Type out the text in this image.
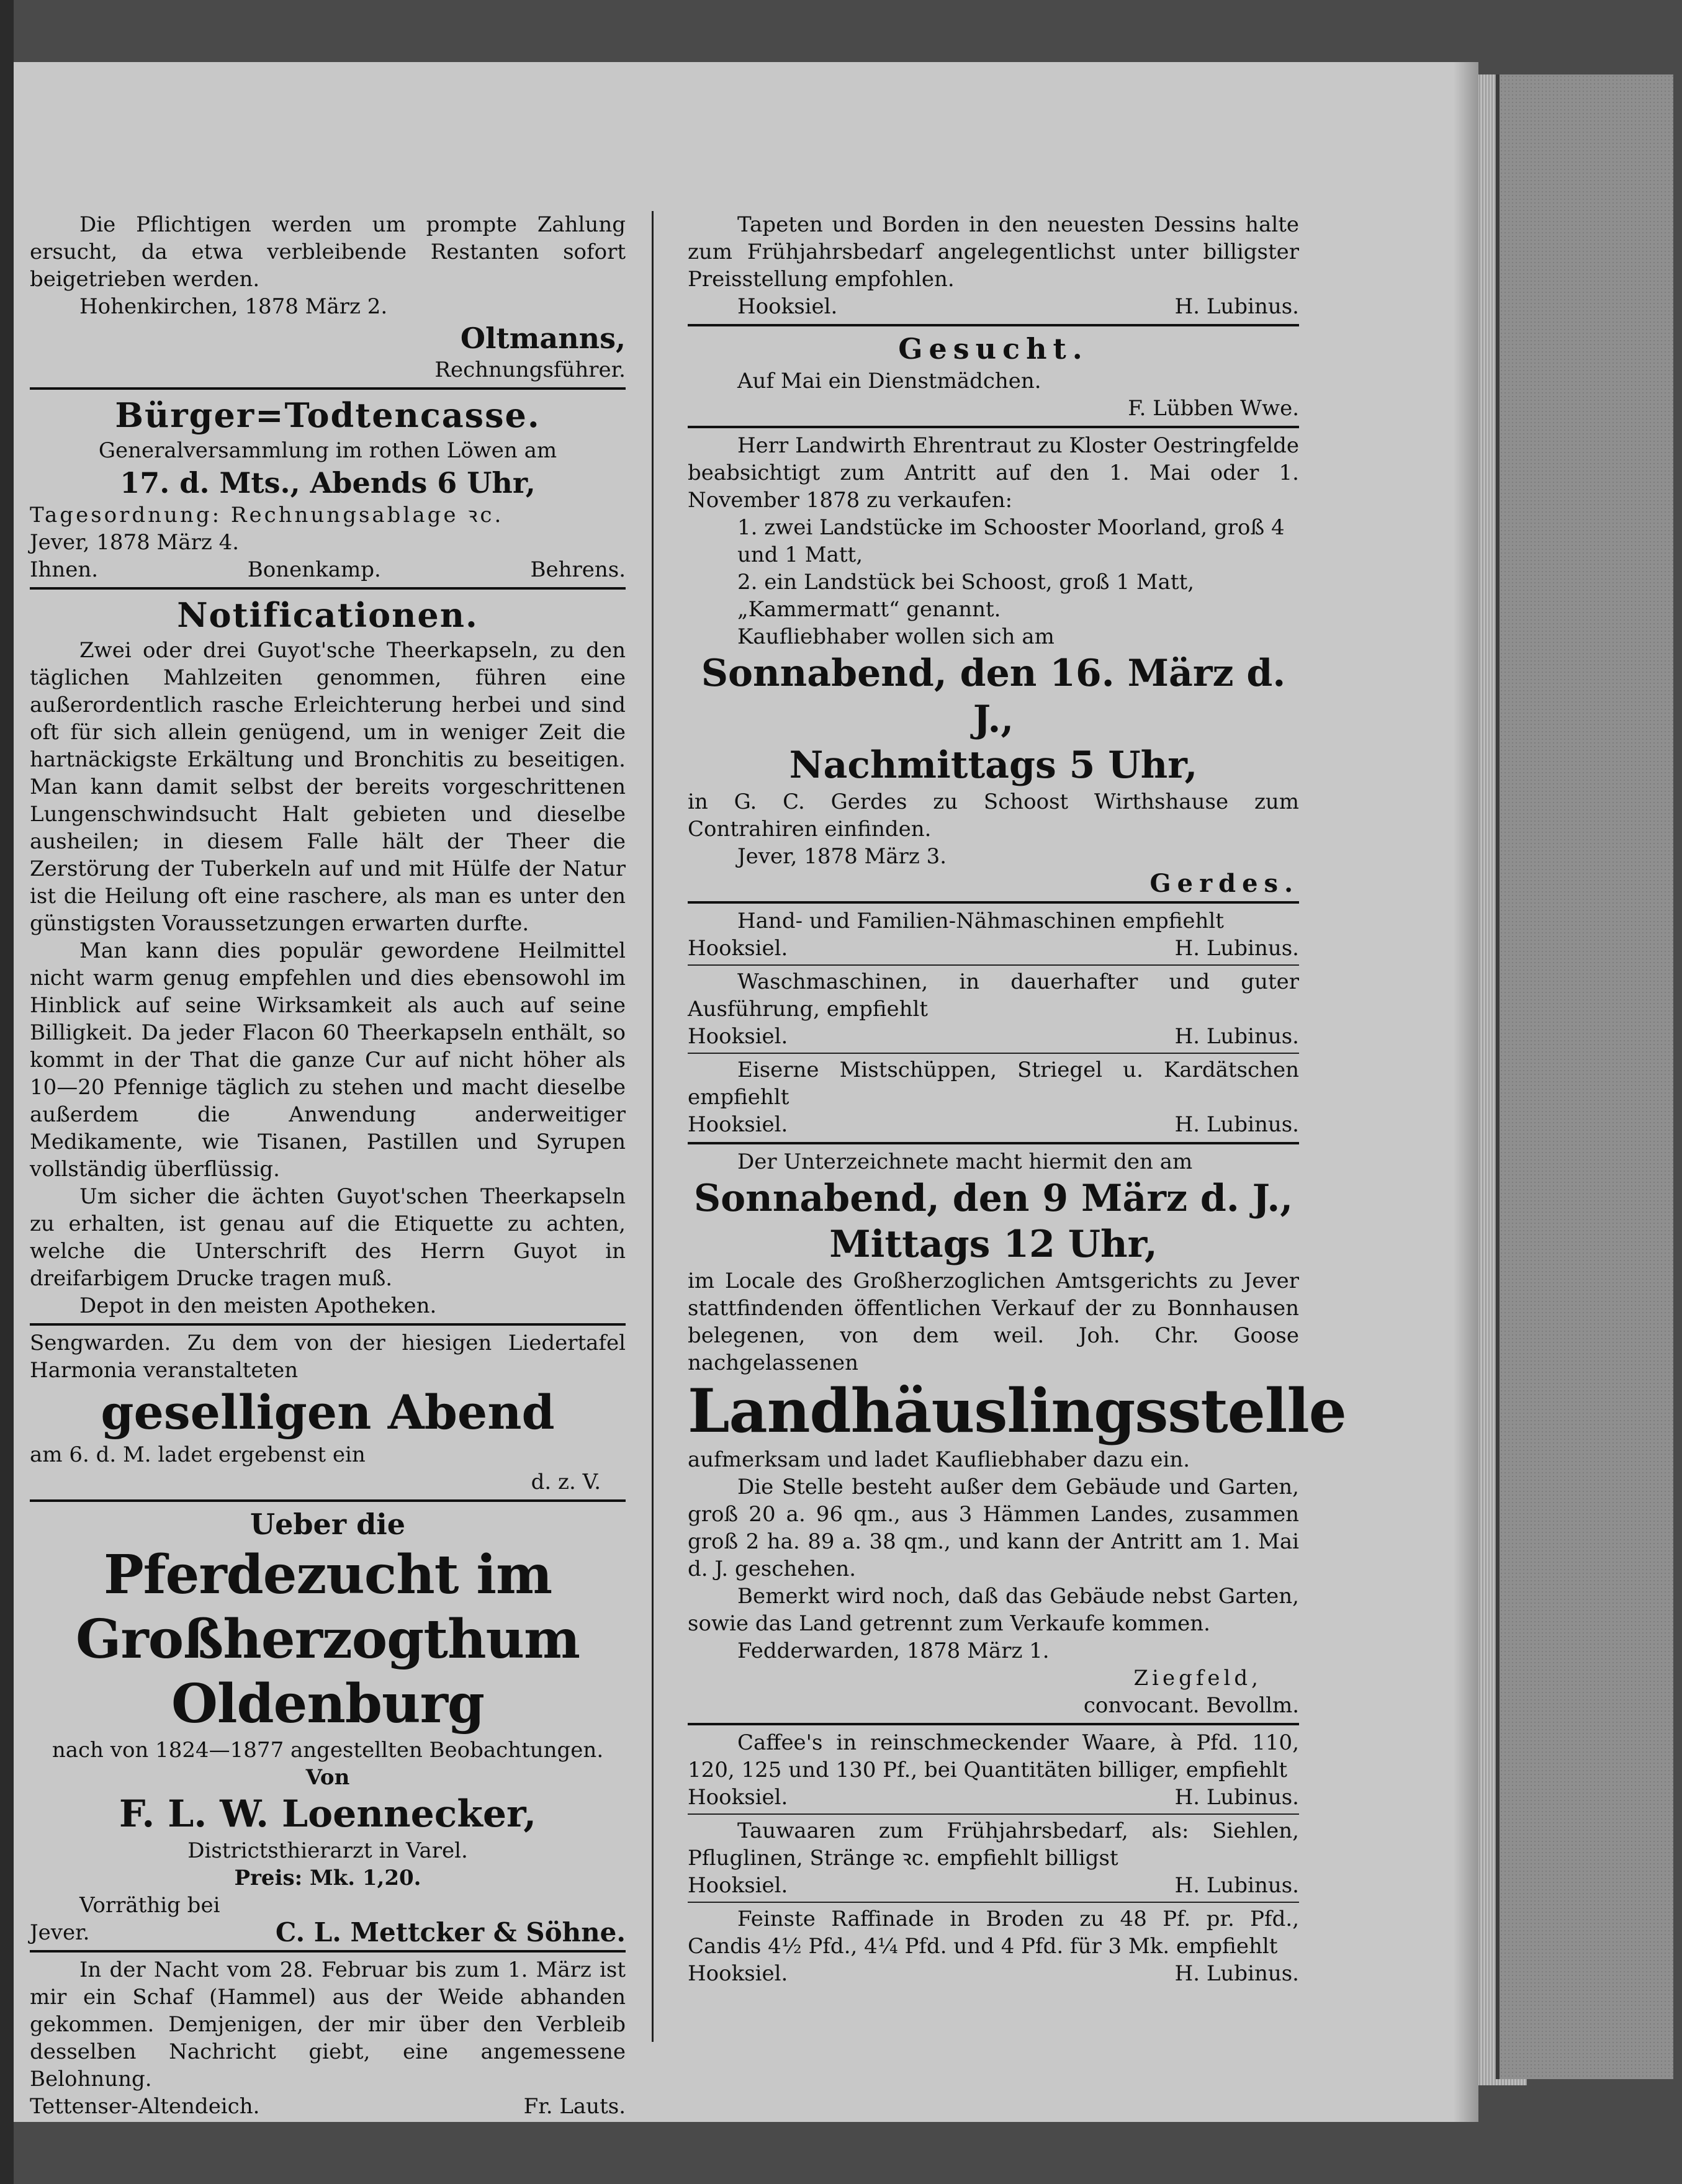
Die Pflichtigen werden um prompte Zahlung ersucht, da etwa verbleibende Restanten sofort beigetrieben werden.
Hohenkirchen, 1878 März 2.
Oltmanns,
Rechnungsführer.
Bürger=Todtencasse.
Generalversammlung im rothen Löwen am
17. d. Mts., Abends 6 Uhr,
Tagesordnung: Rechnungsablage ꝛc.
Jever, 1878 März 4.
Ihnen.	Bonenkamp.	Behrens.
Notificationen.
Zwei oder drei Guyot'sche Theerkapseln, zu den täglichen Mahlzeiten genommen, führen eine außerordentlich rasche Erleichterung herbei und sind oft für sich allein genügend, um in weniger Zeit die hartnäckigste Erkältung und Bronchitis zu beseitigen. Man kann damit selbst der bereits vorgeschrittenen Lungenschwindsucht Halt gebieten und dieselbe ausheilen; in diesem Falle hält der Theer die Zerstörung der Tuberkeln auf und mit Hülfe der Natur ist die Heilung oft eine raschere, als man es unter den günstigsten Voraussetzungen erwarten durfte.
Man kann dies populär gewordene Heilmittel nicht warm genug empfehlen und dies ebensowohl im Hinblick auf seine Wirksamkeit als auch auf seine Billigkeit. Da jeder Flacon 60 Theerkapseln enthält, so kommt in der That die ganze Cur auf nicht höher als 10—20 Pfennige täglich zu stehen und macht dieselbe außerdem die Anwendung anderweitiger Medikamente, wie Tisanen, Pastillen und Syrupen vollständig überflüssig.
Um sicher die ächten Guyot'schen Theerkapseln zu erhalten, ist genau auf die Etiquette zu achten, welche die Unterschrift des Herrn Guyot in dreifarbigem Drucke tragen muß.
Depot in den meisten Apotheken.
Sengwarden. Zu dem von der hiesigen Liedertafel Harmonia veranstalteten
geselligen Abend
am 6. d. M. ladet ergebenst ein
d. z. V.
Ueber die
Pferdezucht im Großherzogthum Oldenburg
nach von 1824—1877 angestellten Beobachtungen.
Von
F. L. W. Loennecker,
Districtsthierarzt in Varel.
Preis: Mk. 1,20.
Vorräthig bei
Jever.	C. L. Mettcker & Söhne.
In der Nacht vom 28. Februar bis zum 1. März ist mir ein Schaf (Hammel) aus der Weide abhanden gekommen. Demjenigen, der mir über den Verbleib desselben Nachricht giebt, eine angemessene Belohnung.
Tettenser-Altendeich.	Fr. Lauts.
Tapeten und Borden in den neuesten Dessins halte zum Frühjahrsbedarf angelegentlichst unter billigster Preisstellung empfohlen.
Hooksiel.	H. Lubinus.
Gesucht.
Auf Mai ein Dienstmädchen.
F. Lübben Wwe.
Herr Landwirth Ehrentraut zu Kloster Oestringfelde beabsichtigt zum Antritt auf den 1. Mai oder 1. November 1878 zu verkaufen:
1. zwei Landstücke im Schooster Moorland, groß 4 und 1 Matt,
2. ein Landstück bei Schoost, groß 1 Matt, „Kammermatt“ genannt.
Kaufliebhaber wollen sich am
Sonnabend, den 16. März d. J.,
Nachmittags 5 Uhr,
in G. C. Gerdes zu Schoost Wirthshause zum Contrahiren einfinden.
Jever, 1878 März 3.
Gerdes.
Hand- und Familien-Nähmaschinen empfiehlt
Hooksiel.	H. Lubinus.
Waschmaschinen, in dauerhafter und guter Ausführung, empfiehlt
Hooksiel.	H. Lubinus.
Eiserne Mistschüppen, Striegel u. Kardätschen empfiehlt
Hooksiel.	H. Lubinus.
Der Unterzeichnete macht hiermit den am
Sonnabend, den 9 März d. J.,
Mittags 12 Uhr,
im Locale des Großherzoglichen Amtsgerichts zu Jever stattfindenden öffentlichen Verkauf der zu Bonnhausen belegenen, von dem weil. Joh. Chr. Goose nachgelassenen
Landhäuslingsstelle
aufmerksam und ladet Kaufliebhaber dazu ein.
Die Stelle besteht außer dem Gebäude und Garten, groß 20 a. 96 qm., aus 3 Hämmen Landes, zusammen groß 2 ha. 89 a. 38 qm., und kann der Antritt am 1. Mai d. J. geschehen.
Bemerkt wird noch, daß das Gebäude nebst Garten, sowie das Land getrennt zum Verkaufe kommen.
Fedderwarden, 1878 März 1.
Ziegfeld,
convocant. Bevollm.
Caffee's in reinschmeckender Waare, à Pfd. 110, 120, 125 und 130 Pf., bei Quantitäten billiger, empfiehlt
Hooksiel.	H. Lubinus.
Tauwaaren zum Frühjahrsbedarf, als: Siehlen, Pfluglinen, Stränge ꝛc. empfiehlt billigst
Hooksiel.	H. Lubinus.
Feinste Raffinade in Broden zu 48 Pf. pr. Pfd., Candis 4½ Pfd., 4¼ Pfd. und 4 Pfd. für 3 Mk. empfiehlt
Hooksiel.	H. Lubinus.
